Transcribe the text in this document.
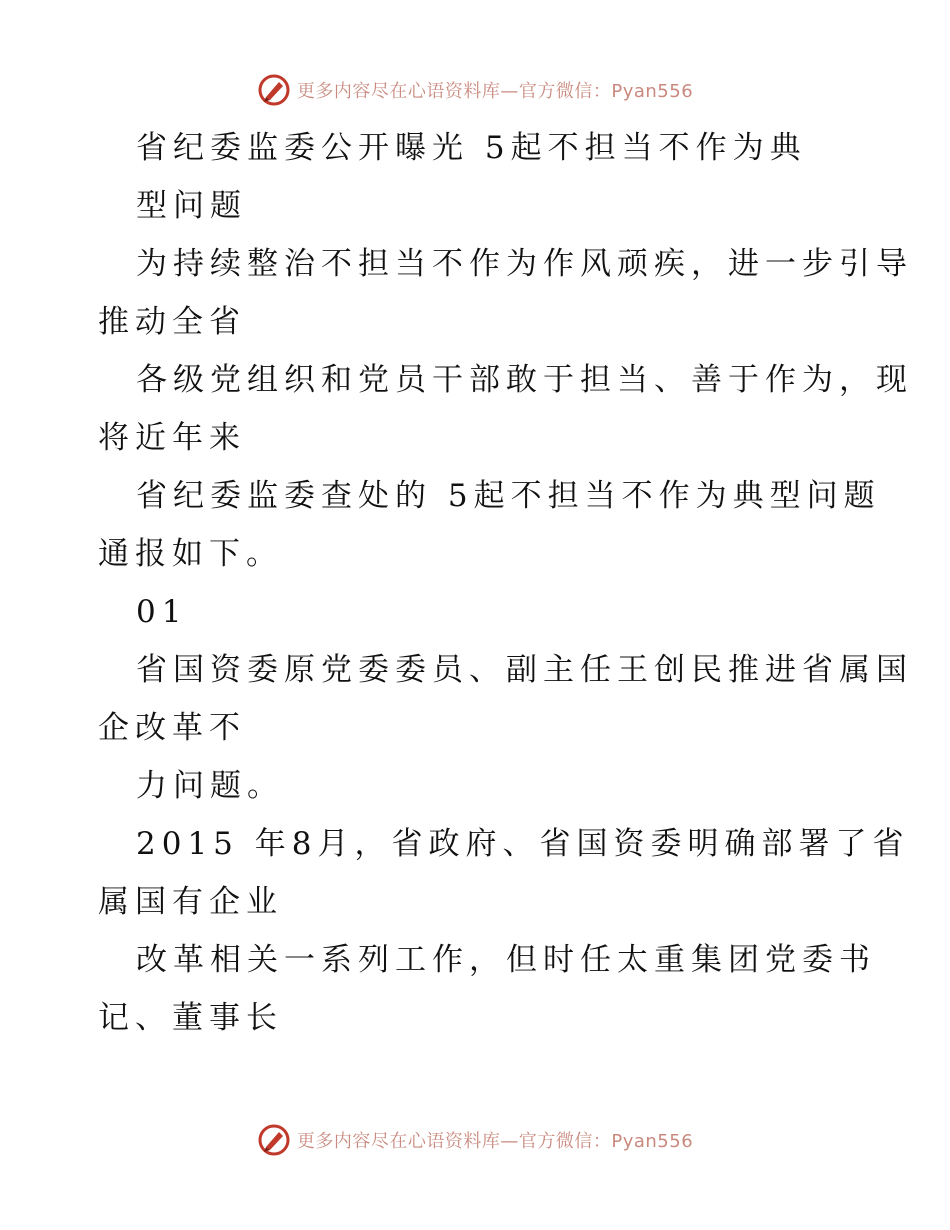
更多内容尽在心语资料库—官方微信：Pyan556
省纪委监委公开曝光 5起不担当不作为典
型问题
为持续整治不担当不作为作风顽疾，进一步引导
推动全省
各级党组织和党员干部敢于担当、善于作为，现
将近年来
省纪委监委查处的 5起不担当不作为典型问题
通报如下。
01
省国资委原党委委员、副主任王创民推进省属国
企改革不
力问题。
2015 年8月，省政府、省国资委明确部署了省
属国有企业
改革相关一系列工作，但时任太重集团党委书
记、董事长
更多内容尽在心语资料库—官方微信：Pyan556
